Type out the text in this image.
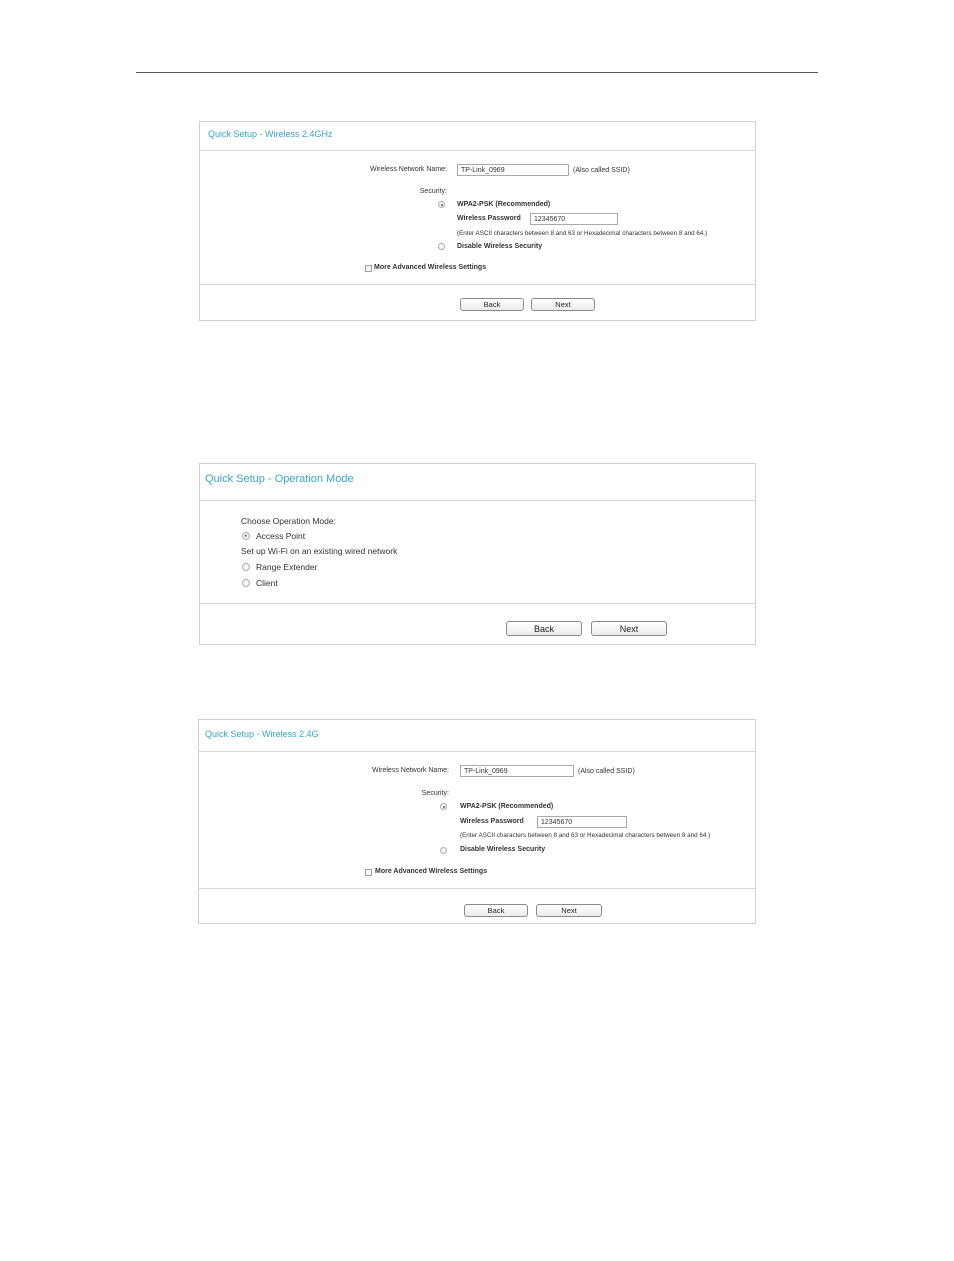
Quick Setup - Wireless 2.4GHz
Wireless Network Name: TP-Link_0969	(Also called SSID)
Security:
WPA2-PSK (Recommended)
Wireless Password 12345670
(Enter ASCII characters between 8 and 63 or Hexadecimal characters between 8 and 64.)
Disable Wireless Security
More Advanced Wireless Settings
Back	Next
Quick Setup - Operation Mode
Choose Operation Mode:
Access Point
Set up Wi-Fi on an existing wired network
Range Extender
Client
Back	Next
Quick Setup - Wireless 2.4G
Wireless Network Name: TP-Link_0969	(Also called SSID)
Security:
WPA2-PSK (Recommended)
Wireless Password 12345670
(Enter ASCII characters between 8 and 63 or Hexadecimal characters between 8 and 64 )
Disable Wireless Security
More Advanced Wireless Settings
Back	Next
